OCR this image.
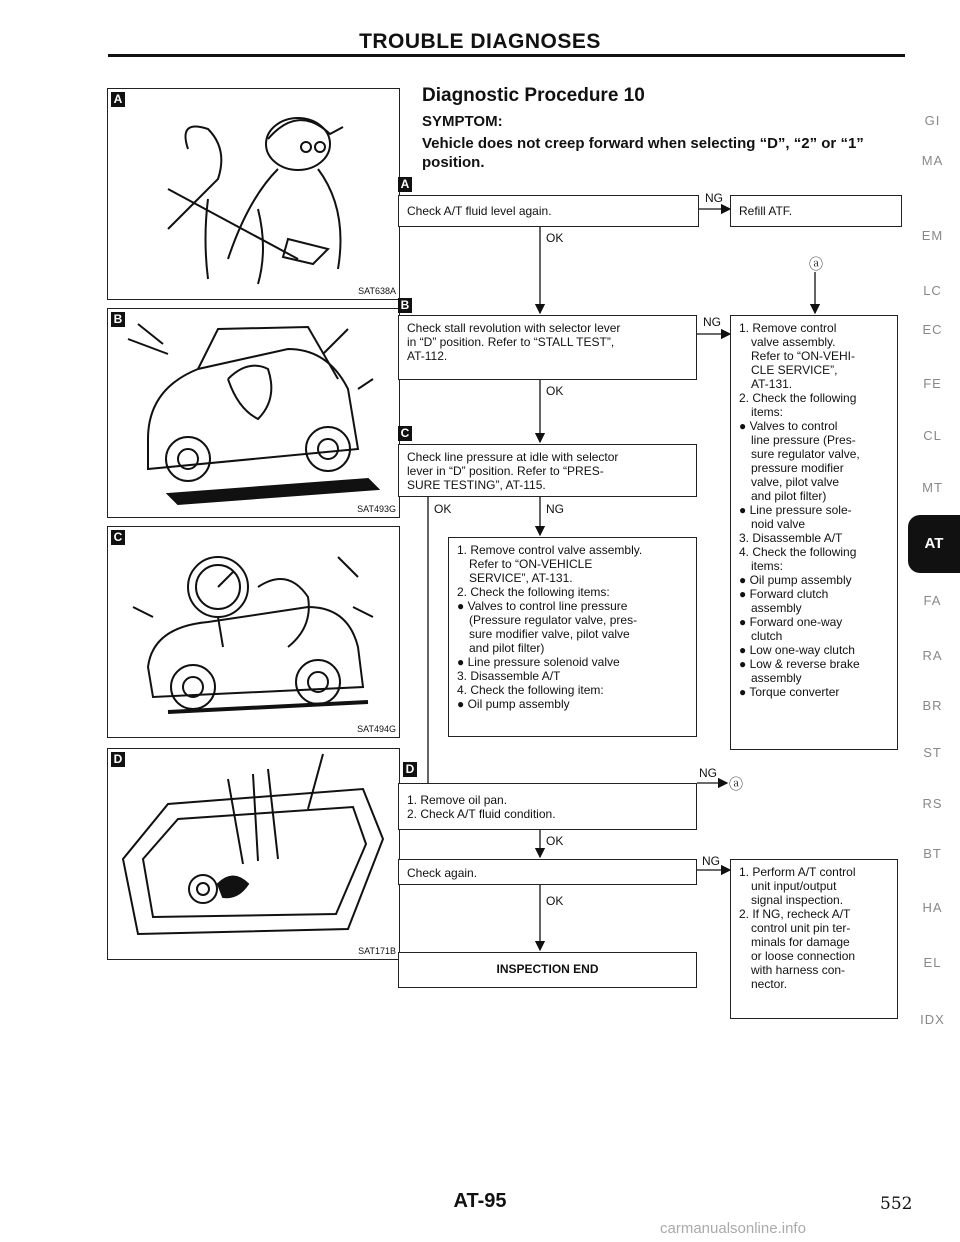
TROUBLE DIAGNOSES
A
SAT638A
B
SAT493G
C
SAT494G
D
SAT171B
Diagnostic Procedure 10
SYMPTOM:
Vehicle does not creep forward when selecting “D”, “2” or “1” position.
A
Check A/T fluid level again.
NG
Refill ATF.
OK
ⓐ
B
Check stall revolution with selector lever
in “D” position. Refer to “STALL TEST”,
AT-112.
NG
OK
1. Remove control
valve assembly.
Refer to “ON-VEHI-
CLE SERVICE”,
AT-131.
2. Check the following
items:
● Valves to control
line pressure (Pres-
sure regulator valve,
pressure modifier
valve, pilot valve
and pilot filter)
● Line pressure sole-
noid valve
3. Disassemble A/T
4. Check the following
items:
● Oil pump assembly
● Forward clutch
assembly
● Forward one-way
clutch
● Low one-way clutch
● Low & reverse brake
assembly
● Torque converter
C
Check line pressure at idle with selector
lever in “D” position. Refer to “PRES-
SURE TESTING”, AT-115.
OK	NG
1. Remove control valve assembly.
Refer to “ON-VEHICLE
SERVICE”, AT-131.
2. Check the following items:
● Valves to control line pressure
(Pressure regulator valve, pres-
sure modifier valve, pilot valve
and pilot filter)
● Line pressure solenoid valve
3. Disassemble A/T
4. Check the following item:
● Oil pump assembly
D
1. Remove oil pan.
2. Check A/T fluid condition.
NG
ⓐ
OK
Check again.
NG
OK
1. Perform A/T control
unit input/output
signal inspection.
2. If NG, recheck A/T
control unit pin ter-
minals for damage
or loose connection
with harness con-
nector.
INSPECTION END
GI
MA
EM
LC
EC
FE
CL
MT
AT
FA
RA
BR
ST
RS
BT
HA
EL
IDX
AT-95	552
carmanualsonline.info
